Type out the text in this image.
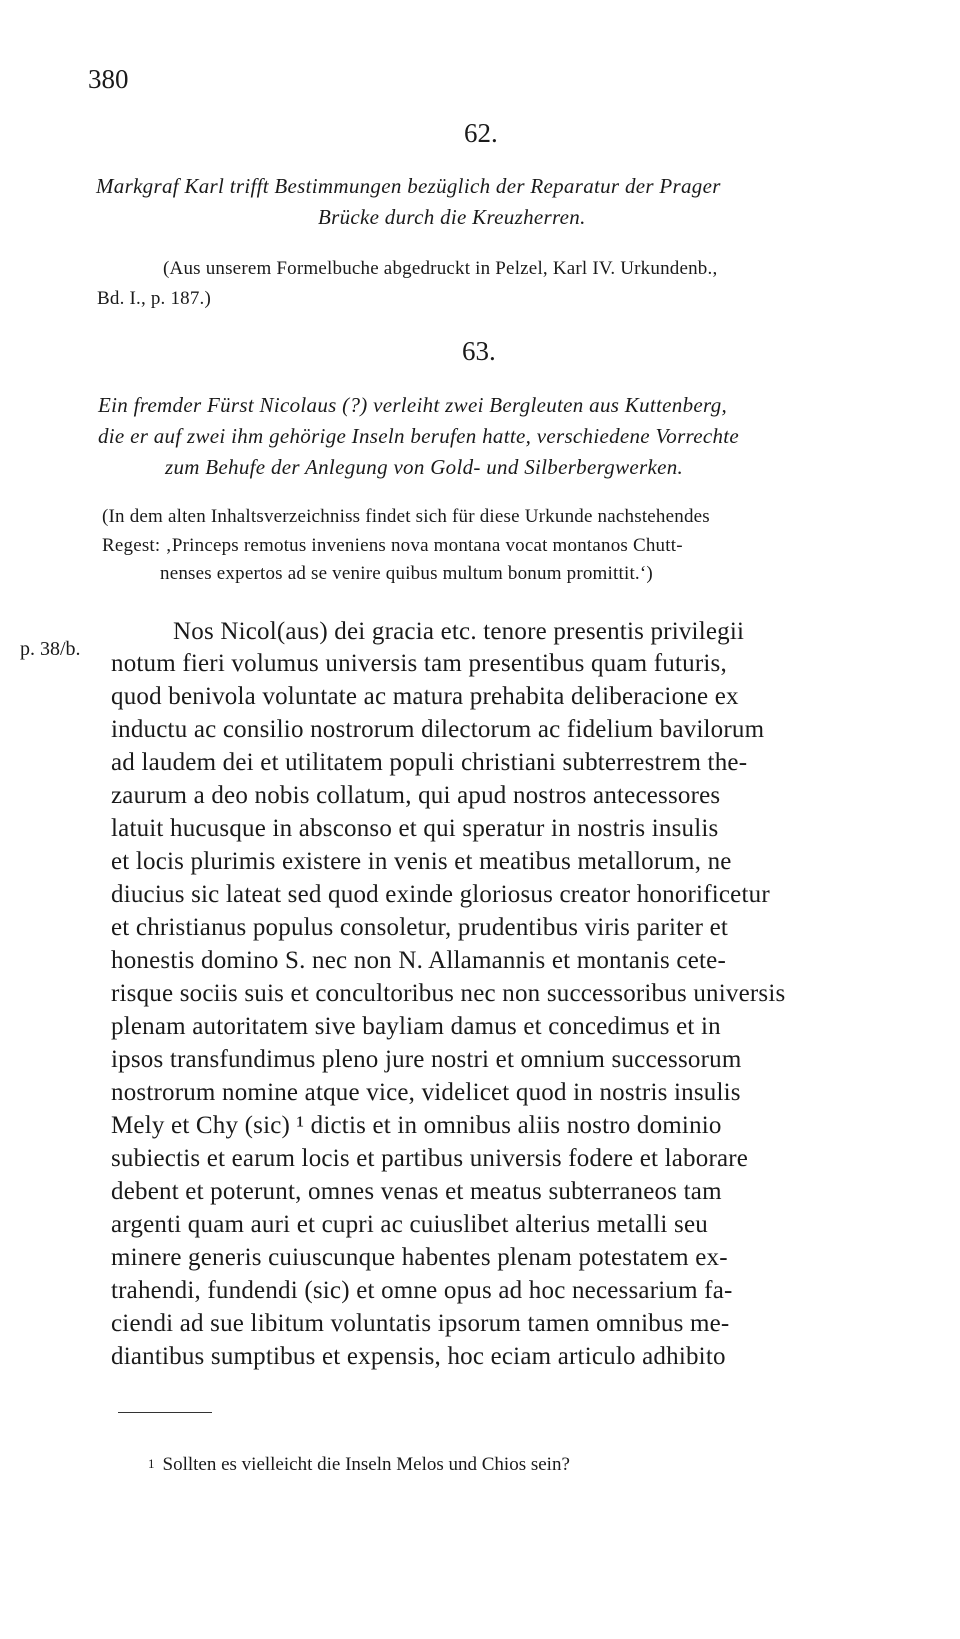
380
62.
Markgraf Karl trifft Bestimmungen bezüglich der Reparatur der Prager
Brücke durch die Kreuzherren.
(Aus unserem Formelbuche abgedruckt in Pelzel, Karl IV. Urkundenb.,
Bd. I., p. 187.)
63.
Ein fremder Fürst Nicolaus (?) verleiht zwei Bergleuten aus Kuttenberg,
die er auf zwei ihm gehörige Inseln berufen hatte, verschiedene Vorrechte
zum Behufe der Anlegung von Gold- und Silberbergwerken.
(In dem alten Inhaltsverzeichniss findet sich für diese Urkunde nachstehendes
Regest: ‚Princeps remotus inveniens nova montana vocat montanos Chutt-
nenses expertos ad se venire quibus multum bonum promittit.‘)
p. 38/b.
Nos Nicol(aus) dei gracia etc. tenore presentis privilegii
notum fieri volumus universis tam presentibus quam futuris,
quod benivola voluntate ac matura prehabita deliberacione ex
inductu ac consilio nostrorum dilectorum ac fidelium bavilorum
ad laudem dei et utilitatem populi christiani subterrestrem the-
zaurum a deo nobis collatum, qui apud nostros antecessores
latuit hucusque in absconso et qui speratur in nostris insulis
et locis plurimis existere in venis et meatibus metallorum, ne
diucius sic lateat sed quod exinde gloriosus creator honorificetur
et christianus populus consoletur, prudentibus viris pariter et
honestis domino S. nec non N. Allamannis et montanis cete-
risque sociis suis et concultoribus nec non successoribus universis
plenam autoritatem sive bayliam damus et concedimus et in
ipsos transfundimus pleno jure nostri et omnium successorum
nostrorum nomine atque vice, videlicet quod in nostris insulis
Mely et Chy (sic) ¹ dictis et in omnibus aliis nostro dominio
subiectis et earum locis et partibus universis fodere et laborare
debent et poterunt, omnes venas et meatus subterraneos tam
argenti quam auri et cupri ac cuiuslibet alterius metalli seu
minere generis cuiuscunque habentes plenam potestatem ex-
trahendi, fundendi (sic) et omne opus ad hoc necessarium fa-
ciendi ad sue libitum voluntatis ipsorum tamen omnibus me-
diantibus sumptibus et expensis, hoc eciam articulo adhibito
1 Sollten es vielleicht die Inseln Melos und Chios sein?
